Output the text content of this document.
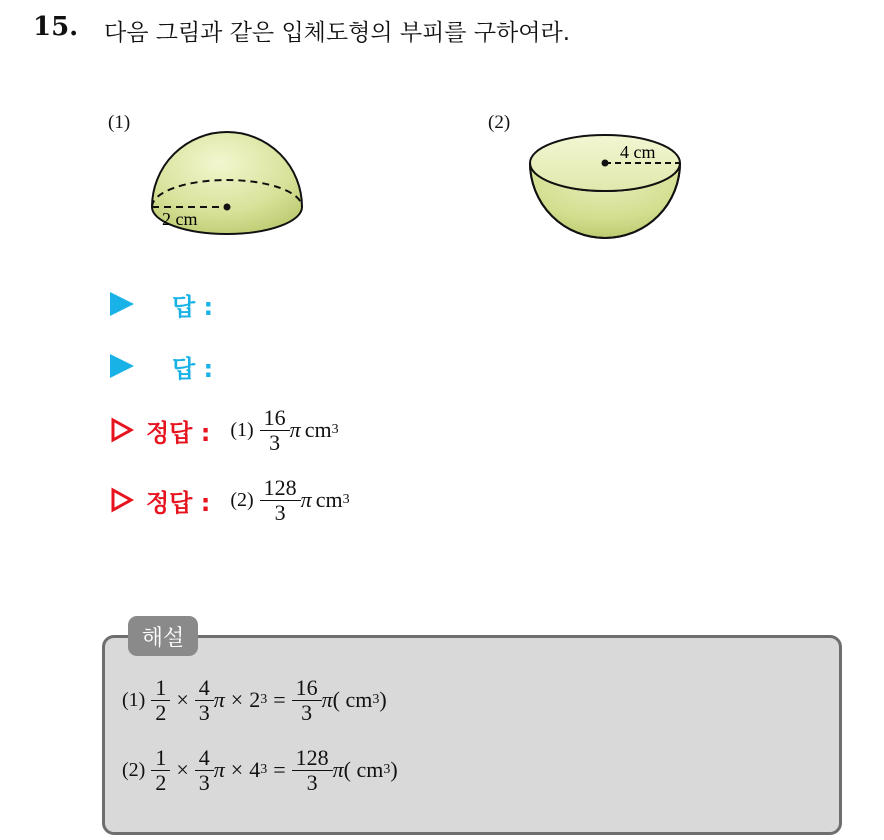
15. 다음 그림과 같은 입체도형의 부피를 구하여라.
(1)
2 cm
(2)
4 cm
답 :
답 :
정답 : $(1) \frac{16}{3}$ π cm 3
정답 : $(2) \frac{128}{3}$ π cm 3
해설
$(1) \frac{1}{2} \times \frac{4}{3}$ π × 2 $3 = \frac{16}{3}$ π ( cm 3 )
$(2) \frac{1}{2} \times \frac{4}{3}$ π × 4 $3 = \frac{128}{3}$ π ( cm 3 )
